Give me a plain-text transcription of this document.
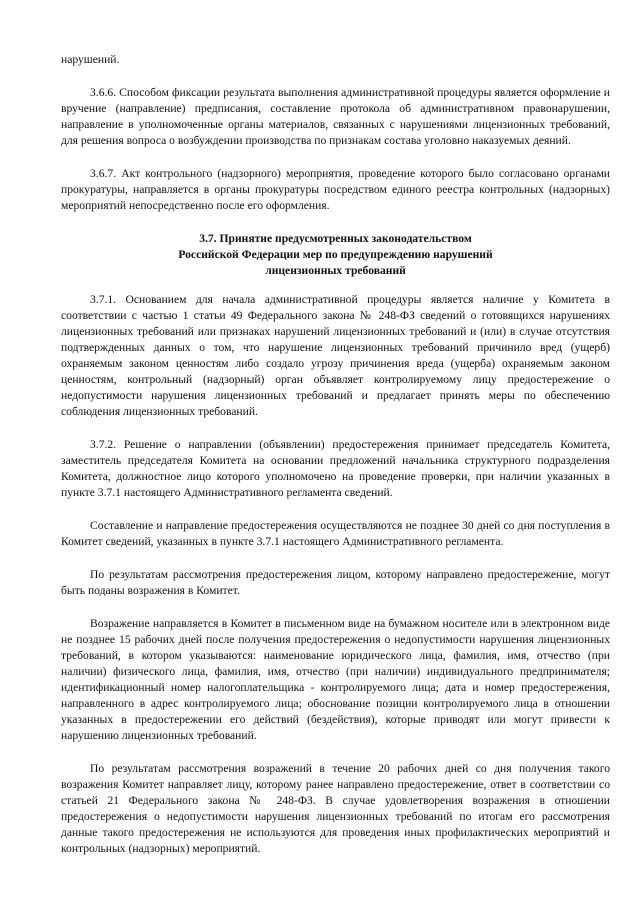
нарушений.

3.6.6. Способом фиксации результата выполнения административной процедуры является оформление и вручение (направление) предписания, составление протокола об административном правонарушении, направление в уполномоченные органы материалов, связанных с нарушениями лицензионных требований, для решения вопроса о возбуждении производства по признакам состава уголовно наказуемых деяний.

3.6.7. Акт контрольного (надзорного) мероприятия, проведение которого было согласовано органами прокуратуры, направляется в органы прокуратуры посредством единого реестра контрольных (надзорных) мероприятий непосредственно после его оформления.

3.7. Принятие предусмотренных законодательством
Российской Федерации мер по предупреждению нарушений
лицензионных требований

3.7.1. Основанием для начала административной процедуры является наличие у Комитета в соответствии с частью 1 статьи 49 Федерального закона № 248-ФЗ сведений о готовящихся нарушениях лицензионных требований или признаках нарушений лицензионных требований и (или) в случае отсутствия подтвержденных данных о том, что нарушение лицензионных требований причинило вред (ущерб) охраняемым законом ценностям либо создало угрозу причинения вреда (ущерба) охраняемым законом ценностям, контрольный (надзорный) орган объявляет контролируемому лицу предостережение о недопустимости нарушения лицензионных требований и предлагает принять меры по обеспечению соблюдения лицензионных требований.

3.7.2. Решение о направлении (объявлении) предостережения принимает председатель Комитета, заместитель председателя Комитета на основании предложений начальника структурного подразделения Комитета, должностное лицо которого уполномочено на проведение проверки, при наличии указанных в пункте 3.7.1 настоящего Административного регламента сведений.

Составление и направление предостережения осуществляются не позднее 30 дней со дня поступления в Комитет сведений, указанных в пункте 3.7.1 настоящего Административного регламента.

По результатам рассмотрения предостережения лицом, которому направлено предостережение, могут быть поданы возражения в Комитет.

Возражение направляется в Комитет в письменном виде на бумажном носителе или в электронном виде не позднее 15 рабочих дней после получения предостережения о недопустимости нарушения лицензионных требований, в котором указываются: наименование юридического лица, фамилия, имя, отчество (при наличии) физического лица, фамилия, имя, отчество (при наличии) индивидуального предпринимателя; идентификационный номер налогоплательщика - контролируемого лица; дата и номер предостережения, направленного в адрес контролируемого лица; обоснование позиции контролируемого лица в отношении указанных в предостережении его действий (бездействия), которые приводят или могут привести к нарушению лицензионных требований.

По результатам рассмотрения возражений в течение 20 рабочих дней со дня получения такого возражения Комитет направляет лицу, которому ранее направлено предостережение, ответ в соответствии со статьей 21 Федерального закона № 248-ФЗ. В случае удовлетворения возражения в отношении предостережения о недопустимости нарушения лицензионных требований по итогам его рассмотрения данные такого предостережения не используются для проведения иных профилактических мероприятий и контрольных (надзорных) мероприятий.
